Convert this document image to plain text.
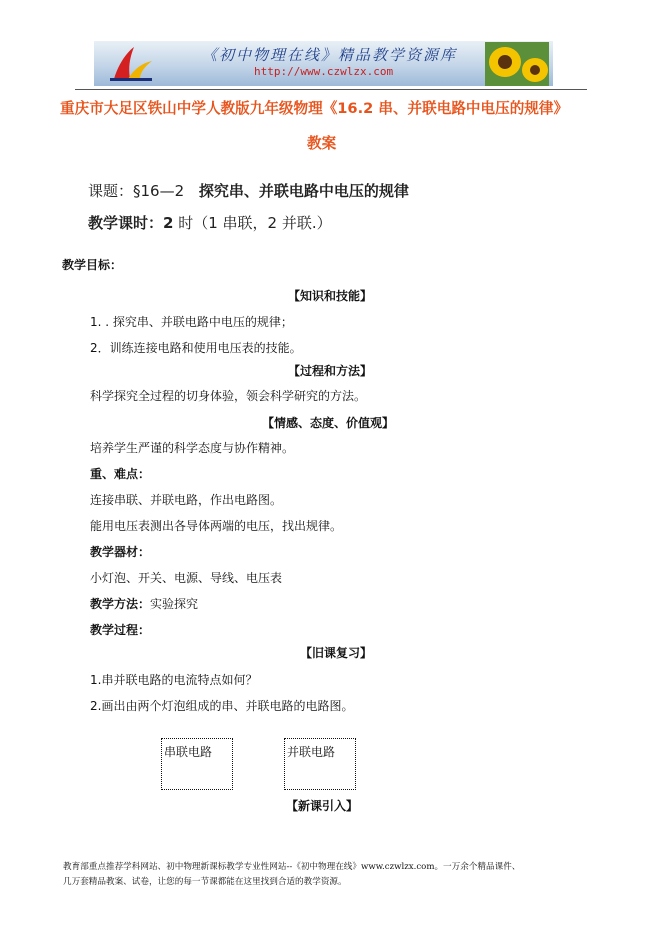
《初中物理在线》精品教学资源库
http://www.czwlzx.com
重庆市大足区铁山中学人教版九年级物理《16.2 串、并联电路中电压的规律》
教案
课题：§16—2 探究串、并联电路中电压的规律
教学课时：2 时（1 串联，2 并联.）
教学目标：
【知识和技能】
1. . 探究串、并联电路中电压的规律；
2．训练连接电路和使用电压表的技能。
【过程和方法】
科学探究全过程的切身体验，领会科学研究的方法。
【情感、态度、价值观】
培养学生严谨的科学态度与协作精神。
重、难点：
连接串联、并联电路，作出电路图。
能用电压表测出各导体两端的电压，找出规律。
教学器材：
小灯泡、开关、电源、导线、电压表
教学方法：实验探究
教学过程：
【旧课复习】
1.串并联电路的电流特点如何？
2.画出由两个灯泡组成的串、并联电路的电路图。
串联电路	并联电路
【新课引入】
教育部重点推荐学科网站、初中物理新课标教学专业性网站--《初中物理在线》www.czwlzx.com。一万余个精品课件、
几万套精品教案、试卷，让您的每一节课都能在这里找到合适的教学资源。
